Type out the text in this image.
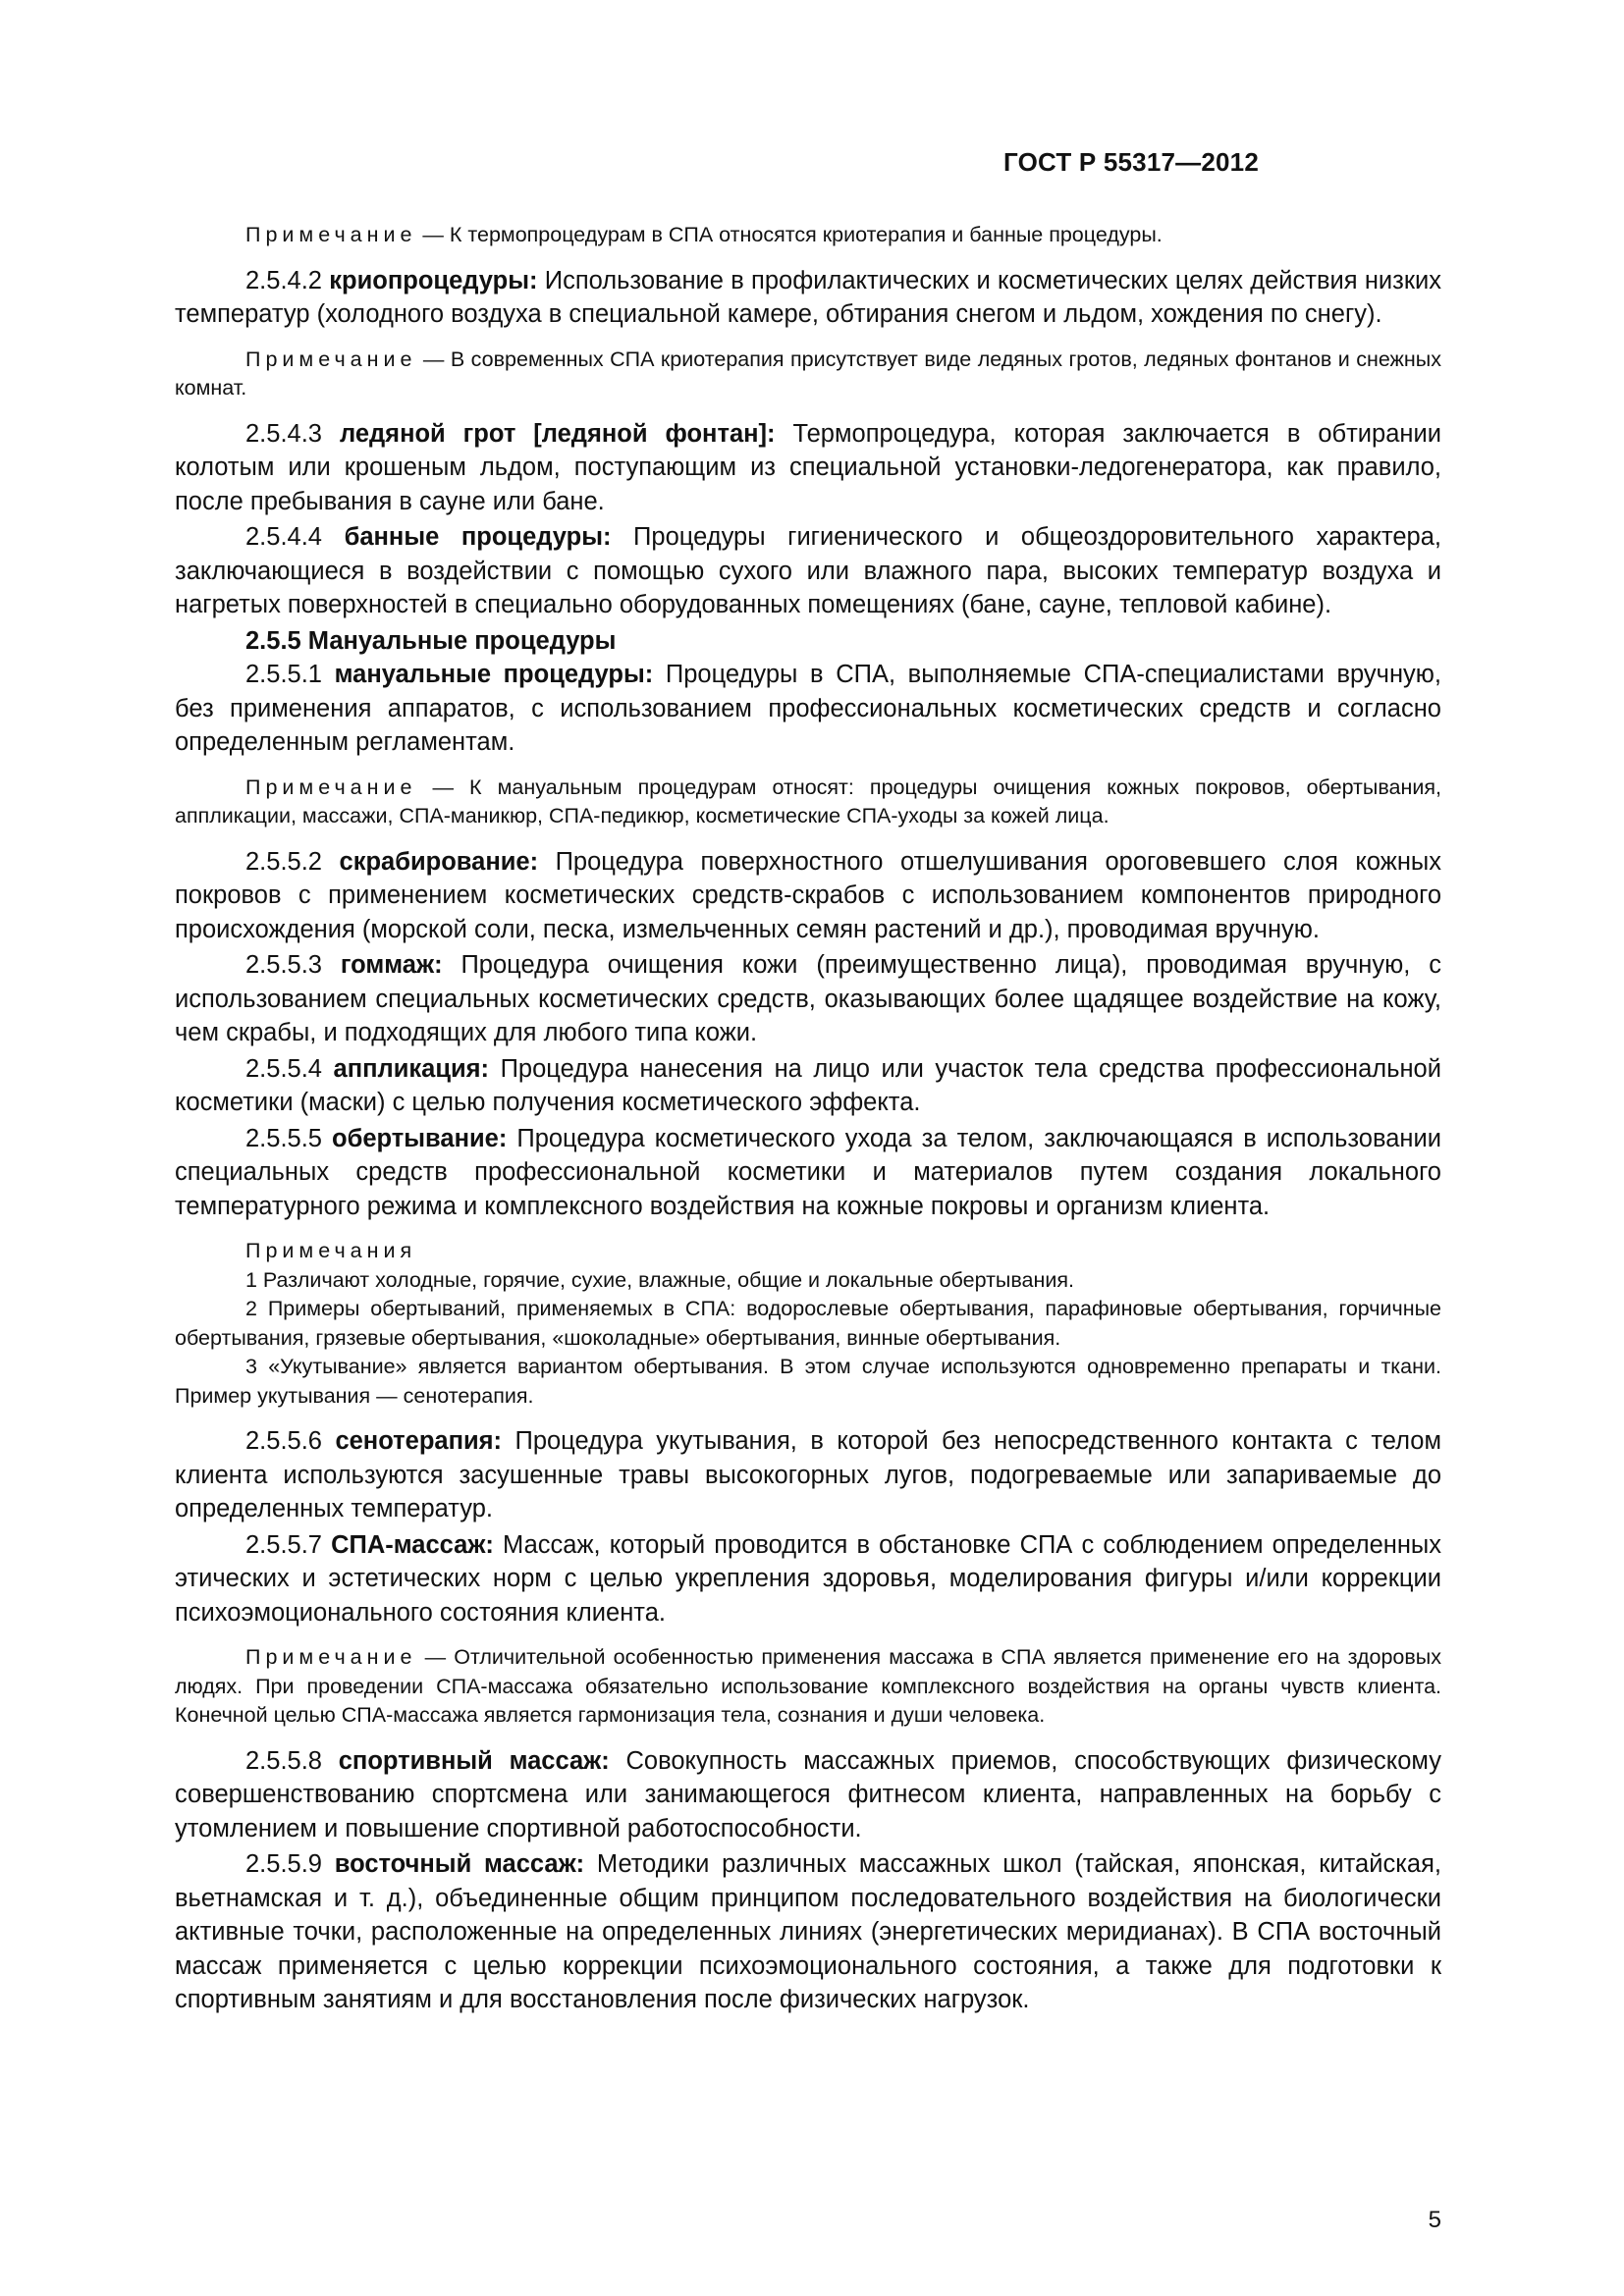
ГОСТ Р 55317—2012

Примечание — К термопроцедурам в СПА относятся криотерапия и банные процедуры.

2.5.4.2 криопроцедуры: Использование в профилактических и косметических целях действия низких температур (холодного воздуха в специальной камере, обтирания снегом и льдом, хождения по снегу).

Примечание — В современных СПА криотерапия присутствует виде ледяных гротов, ледяных фонтанов и снежных комнат.

2.5.4.3 ледяной грот [ледяной фонтан]: Термопроцедура, которая заключается в обтирании колотым или крошеным льдом, поступающим из специальной установки-ледогенератора, как правило, после пребывания в сауне или бане.

2.5.4.4 банные процедуры: Процедуры гигиенического и общеоздоровительного характера, заключающиеся в воздействии с помощью сухого или влажного пара, высоких температур воздуха и нагретых поверхностей в специально оборудованных помещениях (бане, сауне, тепловой кабине).

2.5.5 Мануальные процедуры

2.5.5.1 мануальные процедуры: Процедуры в СПА, выполняемые СПА-специалистами вручную, без применения аппаратов, с использованием профессиональных косметических средств и согласно определенным регламентам.

Примечание — К мануальным процедурам относят: процедуры очищения кожных покровов, обертывания, аппликации, массажи, СПА-маникюр, СПА-педикюр, косметические СПА-уходы за кожей лица.

2.5.5.2 скрабирование: Процедура поверхностного отшелушивания ороговевшего слоя кожных покровов с применением косметических средств-скрабов с использованием компонентов природного происхождения (морской соли, песка, измельченных семян растений и др.), проводимая вручную.

2.5.5.3 гоммаж: Процедура очищения кожи (преимущественно лица), проводимая вручную, с использованием специальных косметических средств, оказывающих более щадящее воздействие на кожу, чем скрабы, и подходящих для любого типа кожи.

2.5.5.4 аппликация: Процедура нанесения на лицо или участок тела средства профессиональной косметики (маски) с целью получения косметического эффекта.

2.5.5.5 обертывание: Процедура косметического ухода за телом, заключающаяся в использовании специальных средств профессиональной косметики и материалов путем создания локального температурного режима и комплексного воздействия на кожные покровы и организм клиента.

Примечания

1 Различают холодные, горячие, сухие, влажные, общие и локальные обертывания.

2 Примеры обертываний, применяемых в СПА: водорослевые обертывания, парафиновые обертывания, горчичные обертывания, грязевые обертывания, «шоколадные» обертывания, винные обертывания.

3 «Укутывание» является вариантом обертывания. В этом случае используются одновременно препараты и ткани. Пример укутывания — сенотерапия.

2.5.5.6 сенотерапия: Процедура укутывания, в которой без непосредственного контакта с телом клиента используются засушенные травы высокогорных лугов, подогреваемые или запариваемые до определенных температур.

2.5.5.7 СПА-массаж: Массаж, который проводится в обстановке СПА с соблюдением определенных этических и эстетических норм с целью укрепления здоровья, моделирования фигуры и/или коррекции психоэмоционального состояния клиента.

Примечание — Отличительной особенностью применения массажа в СПА является применение его на здоровых людях. При проведении СПА-массажа обязательно использование комплексного воздействия на органы чувств клиента. Конечной целью СПА-массажа является гармонизация тела, сознания и души человека.

2.5.5.8 спортивный массаж: Совокупность массажных приемов, способствующих физическому совершенствованию спортсмена или занимающегося фитнесом клиента, направленных на борьбу с утомлением и повышение спортивной работоспособности.

2.5.5.9 восточный массаж: Методики различных массажных школ (тайская, японская, китайская, вьетнамская и т. д.), объединенные общим принципом последовательного воздействия на биологически активные точки, расположенные на определенных линиях (энергетических меридианах). В СПА восточный массаж применяется с целью коррекции психоэмоционального состояния, а также для подготовки к спортивным занятиям и для восстановления после физических нагрузок.

5
